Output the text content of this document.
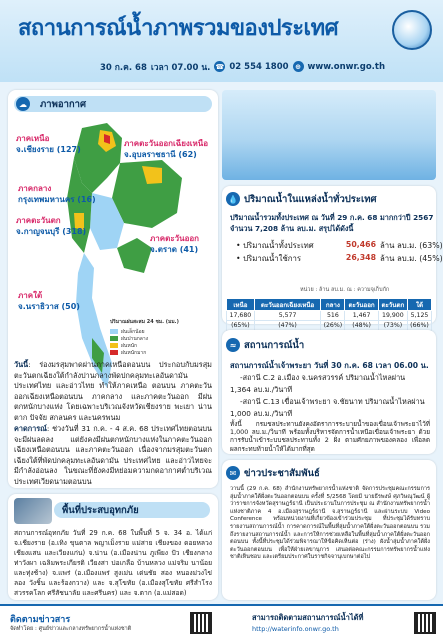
สถานการณ์น้ำภาพรวมของประเทศ
30 ก.ค. 68 เวลา 07.00 น. ☎ 02 554 1800 ⊕ www.onwr.go.th
ภาพอากาศ
☁
ภาคเหนือ
จ.เชียงราย (127)
ภาคตะวันออกเฉียงเหนือ
จ.อุบลราชธานี (62)
ภาคกลาง
กรุงเทพมหานคร (16)
ภาคตะวันตก
จ.กาญจนบุรี (318)
ภาคตะวันออก
จ.ตราด (41)
ภาคใต้
จ.นราธิวาส (50)
ปริมาณฝนสะสม 24 ชม. (มม.)
ฝนเล็กน้อย
ฝนปานกลาง
ฝนหนัก
ฝนหนักมาก
วันนี้: ร่องมรสุมพาดผ่านภาคเหนือตอนบน ประกอบกับมรสุมตะวันตกเฉียงใต้กำลังปานกลางพัดปกคลุมทะเลอันดามัน ประเทศไทย และอ่าวไทย ทำให้ภาคเหนือ ตอนบน ภาคตะวันออกเฉียงเหนือตอนบน ภาคกลาง และภาคตะวันออก มีฝนตกหนักบางแห่ง โดยเฉพาะบริเวณจังหวัดเชียงราย พะเยา น่าน ตาก ปัจจัย สกลนคร และนครพนม
คาดการณ์: ช่วงวันที่ 31 ก.ค. - 4 ส.ค. 68 ประเทศไทยตอนบนจะมีฝนลดลง แต่ยังคงมีฝนตกหนักบางแห่งในภาคตะวันออกเฉียงเหนือตอนบน และภาคตะวันออก เนื่องจากมรสุมตะวันตกเฉียงใต้ที่พัดปกคลุมทะเลอันดามัน ประเทศไทย และอ่าวไทยจะมีกำลังอ่อนลง ในขณะที่ยังคงมีหย่อมความกดอากาศต่ำบริเวณประเทศเวียดนามตอนบน
พื้นที่ประสบอุทกภัย
สถานการณ์อุทกภัย วันที่ 29 ก.ค. 68 ในพื้นที่ 5 จ. 34 อ. ได้แก่ จ.เชียงราย (อ.เทิง ขุนตาล พญาเม็งราย แม่สาย เชียงของ ดอยหลวง เชียงแสน และเวียงแก่น) จ.น่าน (อ.เมืองน่าน ภูเพียง ปัว เชียงกลาง ท่าวังผา เฉลิมพระเกียรติ เวียงสา บ่อเกลือ บ้านหลวง แม่จริม นาน้อย และทุ่งช้าง) จ.แพร่ (อ.เมืองแพร่ สูงเม่น เด่นชัย สอง หนองม่วงไข่ ลอง วังชิ้น และร้องกวาง) และ จ.สุโขทัย (อ.เมืองสุโขทัย ศรีสำโรง สวรรคโลก ศรีสัชนาลัย และศรีนคร) และ จ.ตาก (อ.แม่สอด)
💧 ปริมาณน้ำในแหล่งน้ำทั่วประเทศ
ปริมาณน้ำรวมทั้งประเทศ ณ วันที่ 29 ก.ค. 68 มากกว่าปี 2567
จำนวน 7,208 ล้าน ลบ.ม. สรุปได้ดังนี้
• ปริมาณน้ำทั้งประเทศ	50,466 ล้าน ลบ.ม. (63%)
• ปริมาณน้ำใช้การ	26,348 ล้าน ลบ.ม. (45%)
หน่วย : ล้าน ลบ.ม. ณ : ความจุเก็บกัก
เหนือ	ตะวันออกเฉียงเหนือ	กลาง	ตะวันออก	ตะวันตก	ใต้
17,680	5,577	516	1,467	19,900	5,125
(65%)	(47%)	(26%)	(48%)	(73%)	(66%)
≈ สถานการณ์น้ำ
สถานการณ์น้ำเจ้าพระยา วันที่ 30 ก.ค. 68 เวลา 06.00 น.
-สถานี C.2 อ.เมือง จ.นครสวรรค์ ปริมาณน้ำไหลผ่าน
1,364 ลบ.ม./วินาที
-สถานี C.13 เขื่อนเจ้าพระยา จ.ชัยนาท ปริมาณน้ำไหลผ่าน
1,000 ลบ.ม./วินาที
ทั้งนี้ กรมชลประทานยังคงอัตราการระบายน้ำของเขื่อนเจ้าพระยาไว้ที่ 1,000 ลบ.ม./วินาที พร้อมทั้งบริหารจัดการน้ำเหนือเขื่อนเจ้าพระยา ด้วยการรับน้ำเข้าระบบชลประทานทั้ง 2 ฝั่ง ตามศักยภาพของคลอง เพื่อลดผลกระทบท้ายน้ำให้ได้มากที่สุด
✉ ข่าวประชาสัมพันธ์
วานนี้ (29 ก.ค. 68) สำนักงานทรัพยากรน้ำแห่งชาติ จัดการประชุมคณะกรรมการลุ่มน้ำภาคใต้ฝั่งตะวันออกตอนบน ครั้งที่ 5/2568 โดยมี นายธีรพงษ์ ศุภวิษณุวัฒน์ ผู้ว่าราชการจังหวัดสุราษฎร์ธานี เป็นประธานในการประชุม ณ สำนักงานทรัพยากรน้ำแห่งชาติภาค 4 อ.เมืองสุราษฎร์ธานี จ.สุราษฎร์ธานี และผ่านระบบ Video Conference พร้อมหน่วยงานที่เกี่ยวข้องเข้าร่วมประชุม ที่ประชุมได้รับทราบ รายงานสถานการณ์น้ำ การคาดการณ์ในพื้นที่ลุ่มน้ำภาคใต้ฝั่งตะวันออกตอนบน รวมถึงรายงานสถานการณ์น้ำ และการให้การช่วยเหลือในพื้นที่ลุ่มน้ำภาคใต้ฝั่งตะวันออกตอนบน ทั้งนี้ที่ประชุมได้ร่วมพิจารณาให้ข้อคิดเห็นต่อ (ร่าง) ผังน้ำลุ่มน้ำภาคใต้ฝั่งตะวันออกตอนบน เพื่อให้ฝ่ายเลขานุการ เสนอต่อคณะกรรมการทรัพยากรน้ำแห่งชาติเห็นชอบ และเตรียมประกาศในราชกิจจานุเบกษาต่อไป
ติดตามข่าวสาร
จัดทำโดย : ศูนย์ข่าวและกลางทรัพยากรน้ำแห่งชาติ
สามารถติดตามสถานการณ์น้ำได้ที่
http://waterinfo.onwr.go.th
